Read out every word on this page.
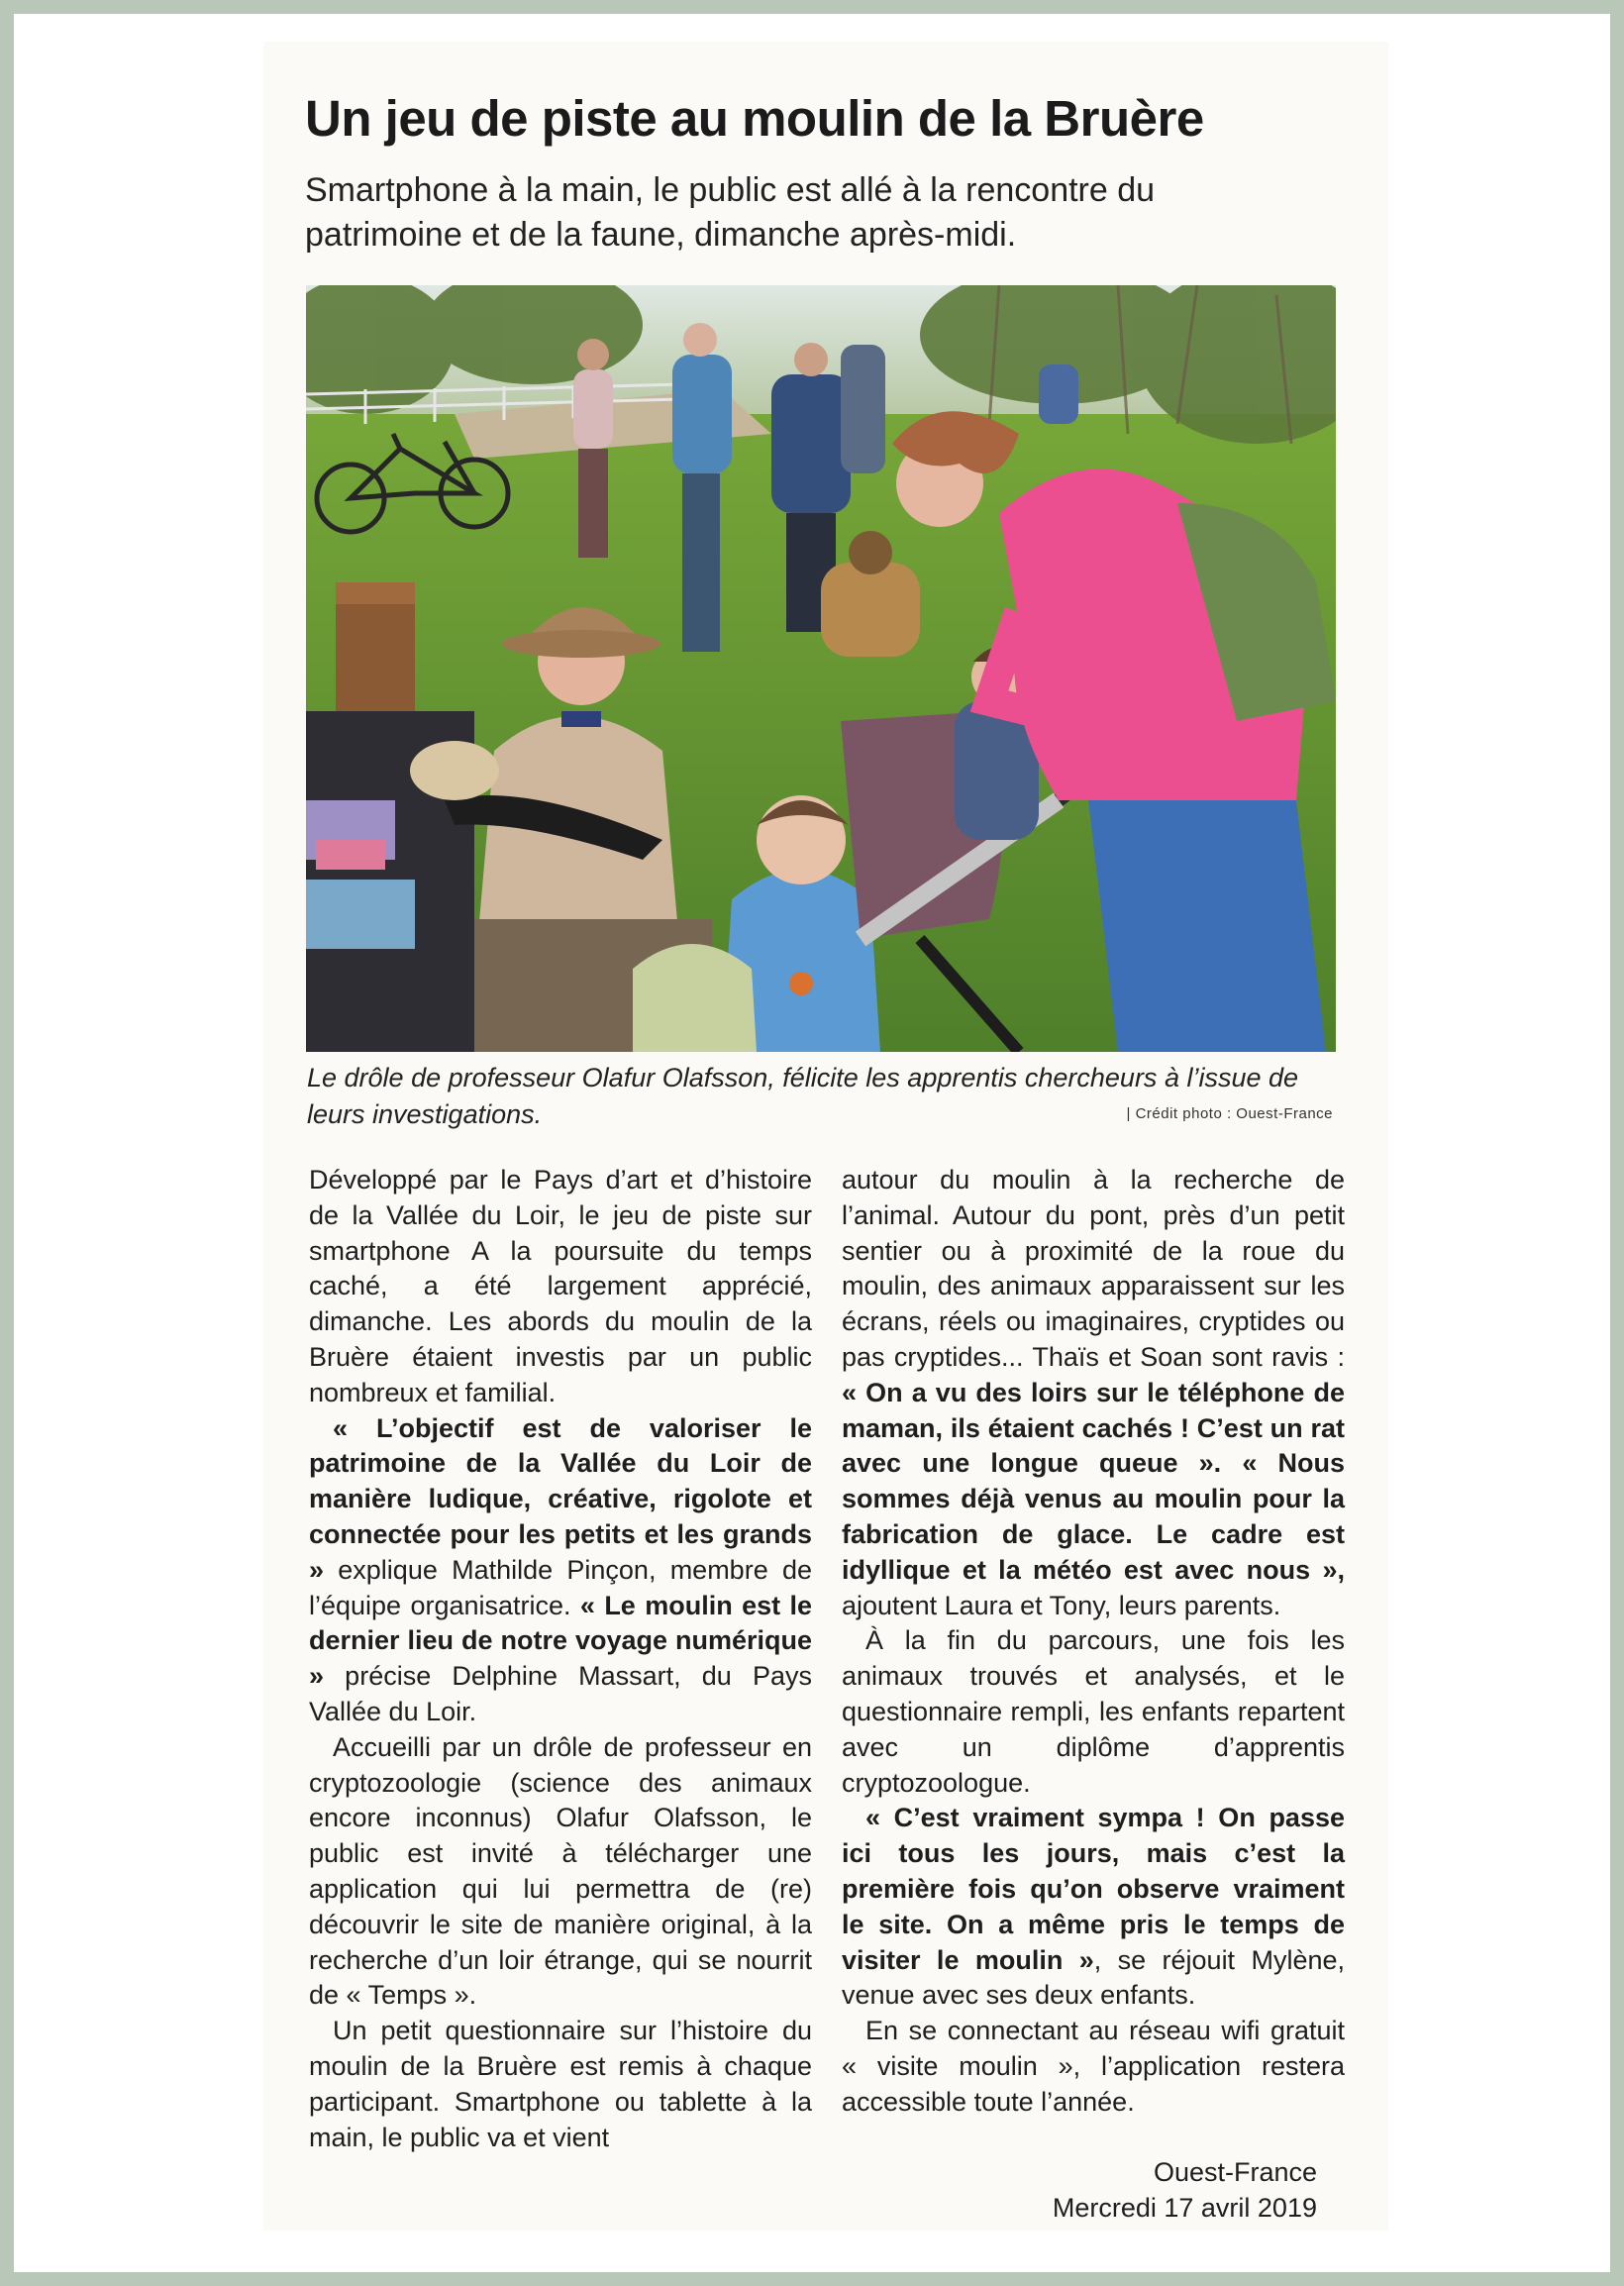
Un jeu de piste au moulin de la Bruère

Smartphone à la main, le public est allé à la rencontre du patrimoine et de la faune, dimanche après-midi.

Le drôle de professeur Olafur Olafsson, félicite les apprentis chercheurs à l’issue de leurs investigations.	| Crédit photo : Ouest-France

Développé par le Pays d’art et d’histoire de la Vallée du Loir, le jeu de piste sur smartphone A la poursuite du temps caché, a été largement apprécié, dimanche. Les abords du moulin de la Bruère étaient investis par un public nombreux et familial.

« L’objectif est de valoriser le patrimoine de la Vallée du Loir de manière ludique, créative, rigolote et connectée pour les petits et les grands » explique Mathilde Pinçon, membre de l’équipe organisatrice. « Le moulin est le dernier lieu de notre voyage numérique » précise Delphine Massart, du Pays Vallée du Loir.

Accueilli par un drôle de professeur en cryptozoologie (science des animaux encore inconnus) Olafur Olafsson, le public est invité à télécharger une application qui lui permettra de (re) découvrir le site de manière original, à la recherche d’un loir étrange, qui se nourrit de « Temps ».

Un petit questionnaire sur l’histoire du moulin de la Bruère est remis à chaque participant. Smartphone ou tablette à la main, le public va et vient

autour du moulin à la recherche de l’animal. Autour du pont, près d’un petit sentier ou à proximité de la roue du moulin, des animaux apparaissent sur les écrans, réels ou imaginaires, cryptides ou pas cryptides... Thaïs et Soan sont ravis : « On a vu des loirs sur le téléphone de maman, ils étaient cachés ! C’est un rat avec une longue queue ». « Nous sommes déjà venus au moulin pour la fabrication de glace. Le cadre est idyllique et la météo est avec nous », ajoutent Laura et Tony, leurs parents.

À la fin du parcours, une fois les animaux trouvés et analysés, et le questionnaire rempli, les enfants repartent avec un diplôme d’apprentis cryptozoologue.

« C’est vraiment sympa ! On passe ici tous les jours, mais c’est la première fois qu’on observe vraiment le site. On a même pris le temps de visiter le moulin », se réjouit Mylène, venue avec ses deux enfants.

En se connectant au réseau wifi gratuit « visite moulin », l’application restera accessible toute l’année.

Ouest-France

Mercredi 17 avril 2019
